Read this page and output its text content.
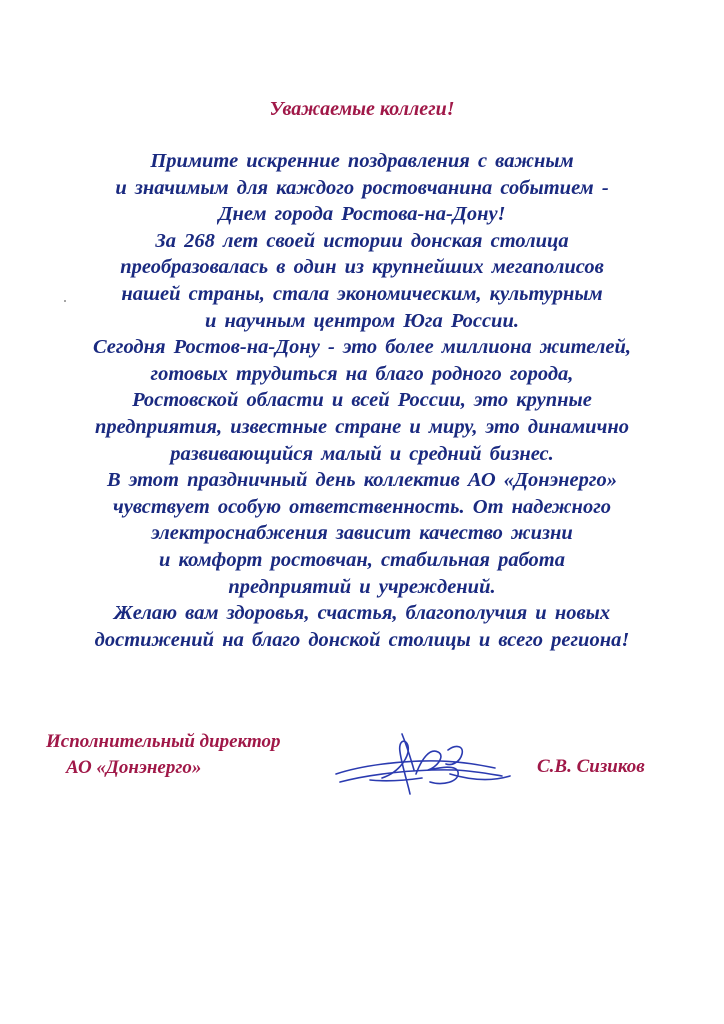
Уважаемые коллеги!
Примите искренние поздравления с важным
и значимым для каждого ростовчанина событием -
Днем города Ростова-на-Дону!
За 268 лет своей истории донская столица
преобразовалась в один из крупнейших мегаполисов
нашей страны, стала экономическим, культурным
и научным центром Юга России.
Сегодня Ростов-на-Дону - это более миллиона жителей,
готовых трудиться на благо родного города,
Ростовской области и всей России, это крупные
предприятия, известные стране и миру, это динамично
развивающийся малый и средний бизнес.
В этот праздничный день коллектив АО «Донэнерго»
чувствует особую ответственность. От надежного
электроснабжения зависит качество жизни
и комфорт ростовчан, стабильная работа
предприятий и учреждений.
Желаю вам здоровья, счастья, благополучия и новых
достижений на благо донской столицы и всего региона!
Исполнительный директор
АО «Донэнерго»	С.В. Сизиков
